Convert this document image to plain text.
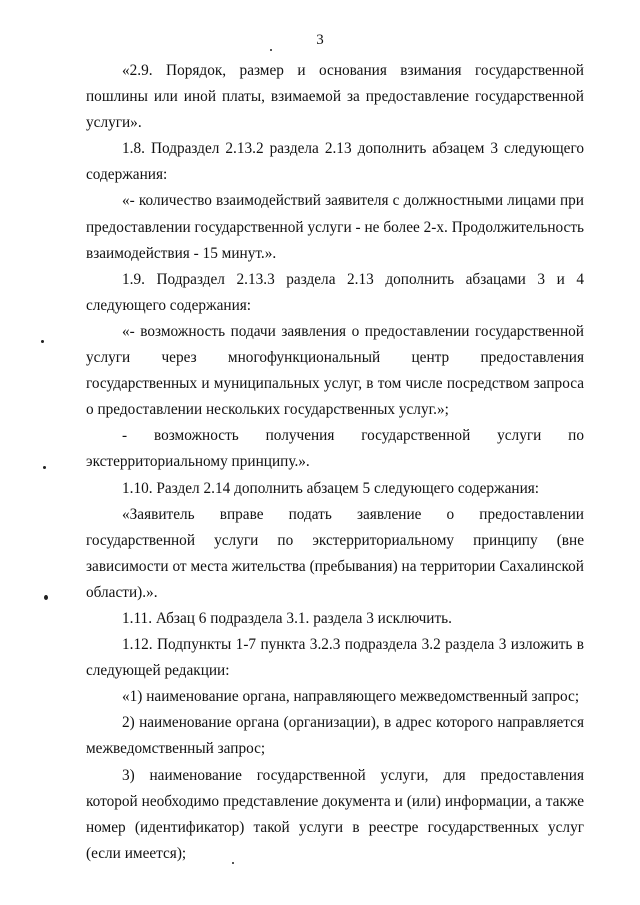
3

«2.9. Порядок, размер и основания взимания государственной пошлины или иной платы, взимаемой за предоставление государственной услуги».

1.8. Подраздел 2.13.2 раздела 2.13 дополнить абзацем 3 следующего содержания:

«- количество взаимодействий заявителя с должностными лицами при предоставлении государственной услуги - не более 2-х. Продолжительность взаимодействия - 15 минут.».

1.9. Подраздел 2.13.3 раздела 2.13 дополнить абзацами 3 и 4 следующего содержания:

«- возможность подачи заявления о предоставлении государственной услуги через многофункциональный центр предоставления государственных и муниципальных услуг, в том числе посредством запроса о предоставлении нескольких государственных услуг.»;

- возможность получения государственной услуги по экстерриториальному принципу.».

1.10. Раздел 2.14 дополнить абзацем 5 следующего содержания:

«Заявитель вправе подать заявление о предоставлении государственной услуги по экстерриториальному принципу (вне зависимости от места жительства (пребывания) на территории Сахалинской области).».

1.11. Абзац 6 подраздела 3.1. раздела 3 исключить.

1.12. Подпункты 1-7 пункта 3.2.3 подраздела 3.2 раздела 3 изложить в следующей редакции:

«1) наименование органа, направляющего межведомственный запрос;

2) наименование органа (организации), в адрес которого направляется межведомственный запрос;

3) наименование государственной услуги, для предоставления которой необходимо представление документа и (или) информации, а также номер (идентификатор) такой услуги в реестре государственных услуг (если имеется);
